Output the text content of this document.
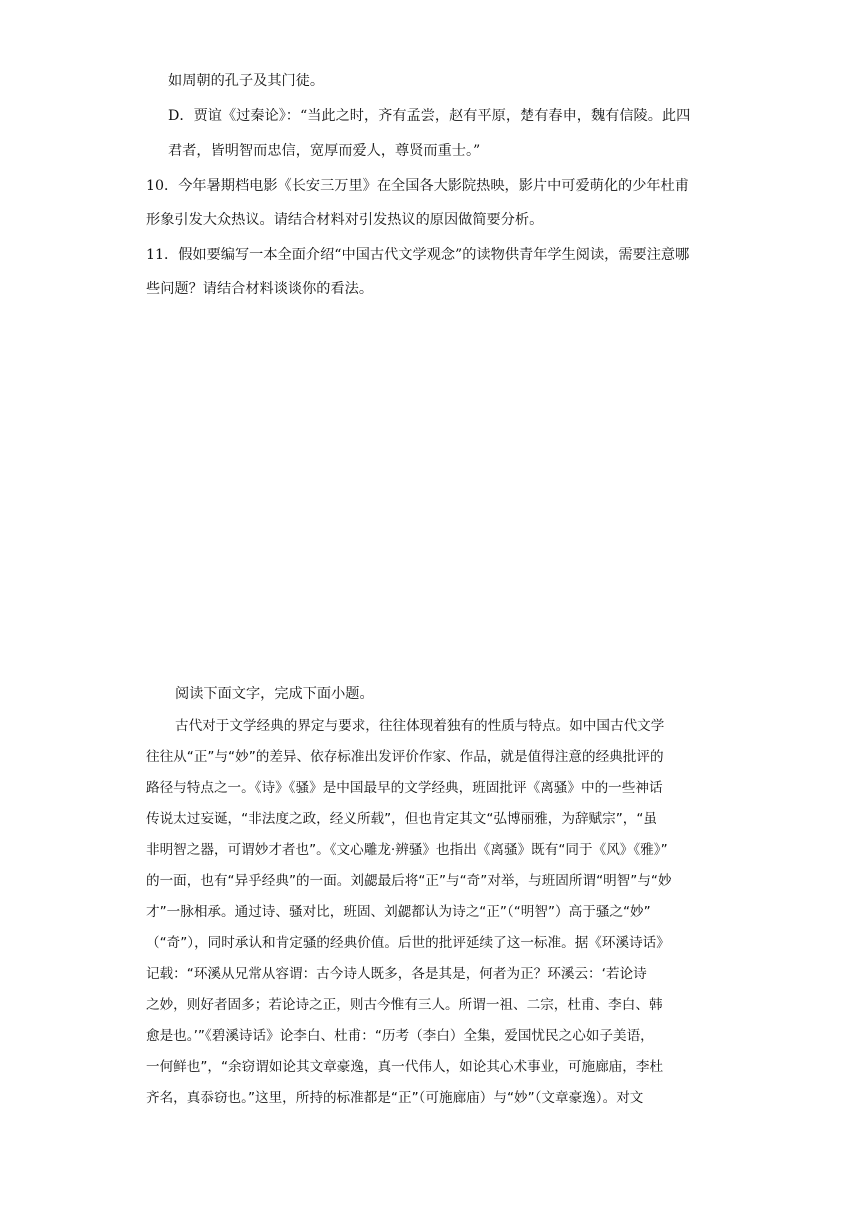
如周朝的孔子及其门徒。
D．贾谊《过秦论》：“当此之时，齐有孟尝，赵有平原，楚有春申，魏有信陵。此四
君者，皆明智而忠信，宽厚而爱人，尊贤而重士。”
10．今年暑期档电影《长安三万里》在全国各大影院热映，影片中可爱萌化的少年杜甫
形象引发大众热议。请结合材料对引发热议的原因做简要分析。
11．假如要编写一本全面介绍“中国古代文学观念”的读物供青年学生阅读，需要注意哪
些问题？请结合材料谈谈你的看法。
阅读下面文字，完成下面小题。
古代对于文学经典的界定与要求，往往体现着独有的性质与特点。如中国古代文学
往往从“正”与“妙”的差异、依存标准出发评价作家、作品，就是值得注意的经典批评的
路径与特点之一。《诗》《骚》是中国最早的文学经典，班固批评《离骚》中的一些神话
传说太过妄诞，“非法度之政，经义所载”，但也肯定其文“弘博丽雅，为辞赋宗”，“虽
非明智之器，可谓妙才者也”。《文心雕龙·辨骚》也指出《离骚》既有“同于《风》《雅》”
的一面，也有“异乎经典”的一面。刘勰最后将“正”与“奇”对举，与班固所谓“明智”与“妙
才”一脉相承。通过诗、骚对比，班固、刘勰都认为诗之“正”（“明智”）高于骚之“妙”
（“奇”），同时承认和肯定骚的经典价值。后世的批评延续了这一标准。据《环溪诗话》
记载：“环溪从兄常从容谓：古今诗人既多，各是其是，何者为正？环溪云：‘若论诗
之妙，则好者固多；若论诗之正，则古今惟有三人。所谓一祖、二宗，杜甫、李白、韩
愈是也。’”《碧溪诗话》论李白、杜甫：“历考（李白）全集，爱国忧民之心如子美语，
一何鲜也”，“余窃谓如论其文章豪逸，真一代伟人，如论其心术事业，可施廊庙，李杜
齐名，真忝窃也。”这里，所持的标准都是“正”（可施廊庙）与“妙”（文章豪逸）。对文
